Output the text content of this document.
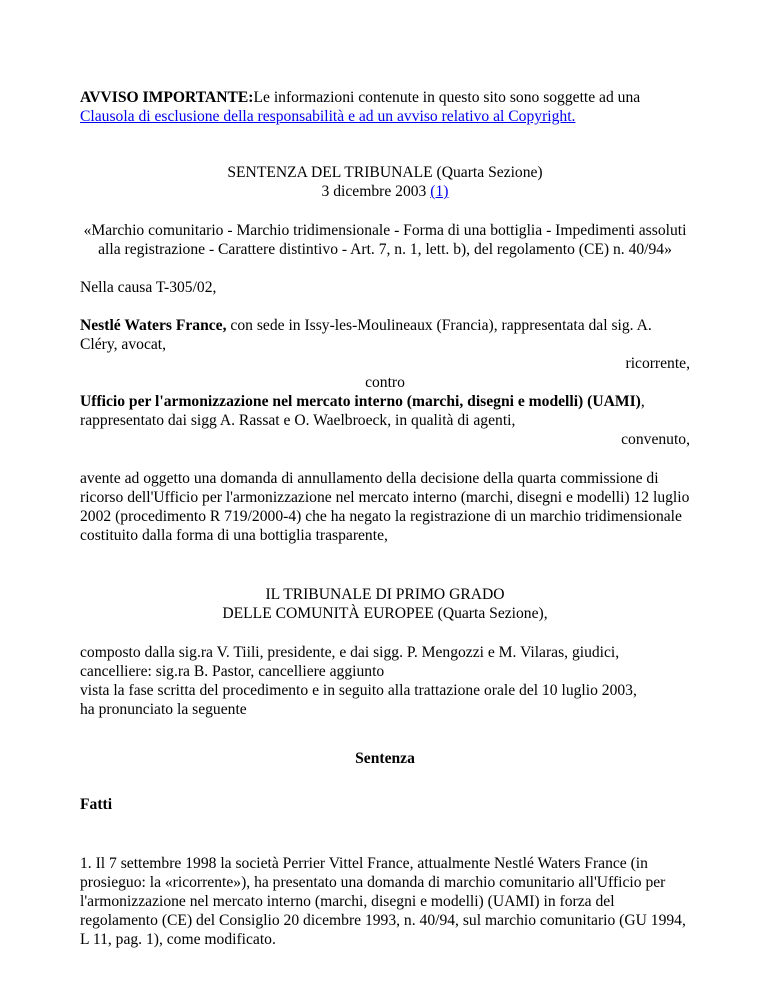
AVVISO IMPORTANTE:Le informazioni contenute in questo sito sono soggette ad una
Clausola di esclusione della responsabilità e ad un avviso relativo al Copyright.

SENTENZA DEL TRIBUNALE (Quarta Sezione)

3 dicembre 2003 (1)

«Marchio comunitario - Marchio tridimensionale - Forma di una bottiglia - Impedimenti assoluti alla registrazione - Carattere distintivo - Art. 7, n. 1, lett. b), del regolamento (CE) n. 40/94»

Nella causa T-305/02,

Nestlé Waters France, con sede in Issy-les-Moulineaux (Francia), rappresentata dal sig. A. Cléry, avocat,

ricorrente,

contro

Ufficio per l'armonizzazione nel mercato interno (marchi, disegni e modelli) (UAMI), rappresentato dai sigg A. Rassat e O. Waelbroeck, in qualità di agenti,

convenuto,

avente ad oggetto una domanda di annullamento della decisione della quarta commissione di ricorso dell'Ufficio per l'armonizzazione nel mercato interno (marchi, disegni e modelli) 12 luglio 2002 (procedimento R 719/2000-4) che ha negato la registrazione di un marchio tridimensionale costituito dalla forma di una bottiglia trasparente,

IL TRIBUNALE DI PRIMO GRADO

DELLE COMUNITÀ EUROPEE (Quarta Sezione),

composto dalla sig.ra V. Tiili, presidente, e dai sigg. P. Mengozzi e M. Vilaras, giudici,

cancelliere: sig.ra B. Pastor, cancelliere aggiunto

vista la fase scritta del procedimento e in seguito alla trattazione orale del 10 luglio 2003,

ha pronunciato la seguente

Sentenza

Fatti

1. Il 7 settembre 1998 la società Perrier Vittel France, attualmente Nestlé Waters France (in prosieguo: la «ricorrente»), ha presentato una domanda di marchio comunitario all'Ufficio per l'armonizzazione nel mercato interno (marchi, disegni e modelli) (UAMI) in forza del regolamento (CE) del Consiglio 20 dicembre 1993, n. 40/94, sul marchio comunitario (GU 1994, L 11, pag. 1), come modificato.
